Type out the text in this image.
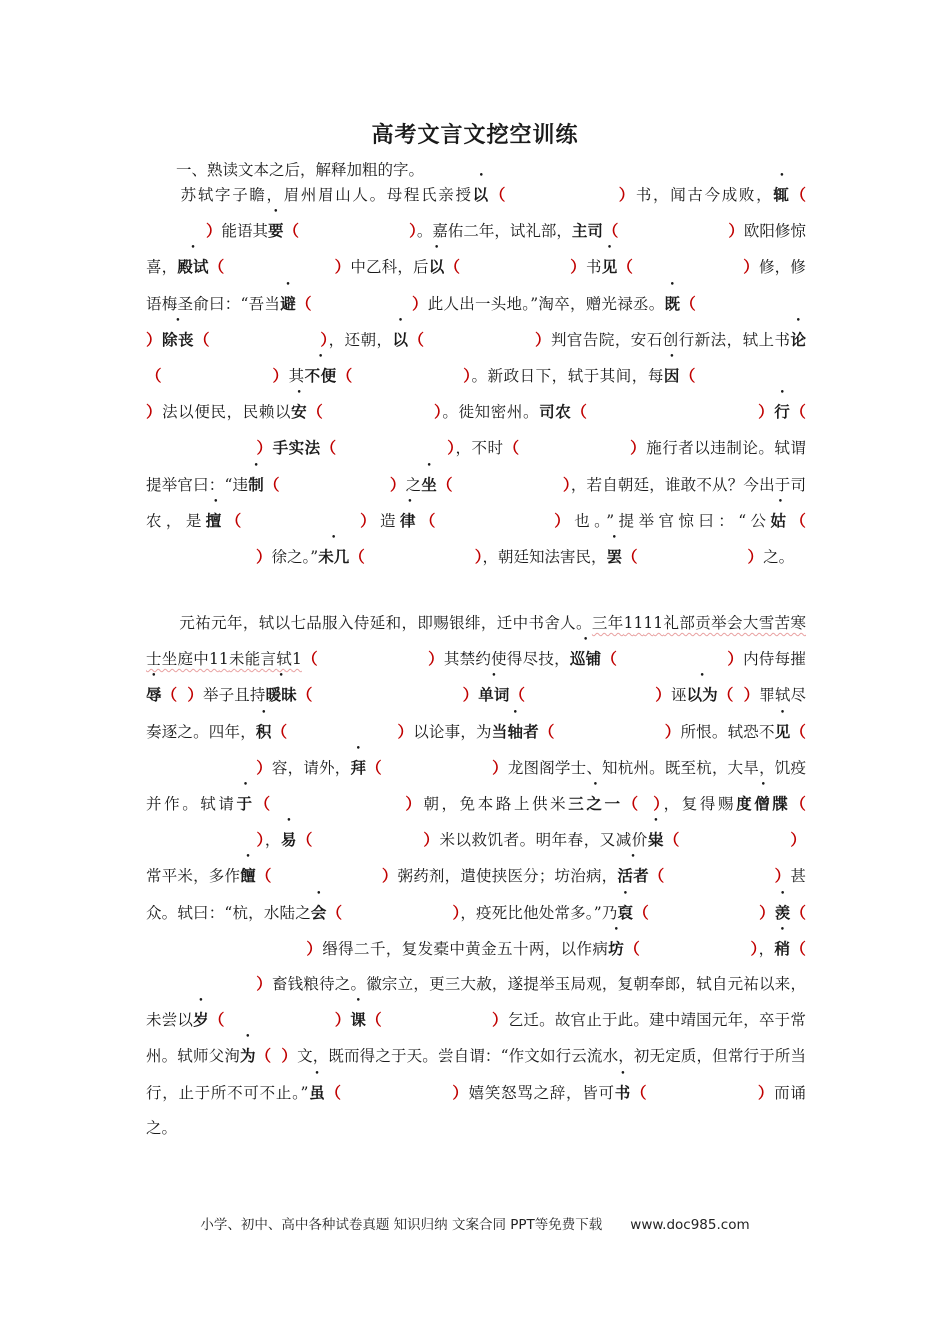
高考文言文挖空训练
一、熟读文本之后，解释加粗的字。
苏轼字子瞻，眉州眉山人。母程氏亲授以（	）书，闻古今成败，辄（）能语其要（	）。嘉佑二年，试礼部，主司（	）欧阳修惊喜，殿试（	）中乙科，后以（	）书见（	）修，修语梅圣俞曰：“吾当避（	）此人出一头地。”淘卒，赠光禄丞。既（）除丧（	），还朝，以（	）判官告院，安石创行新法，轼上书论（	）其不便（	）。新政日下，轼于其间，每因（）法以便民，民赖以安（	）。徙知密州。司农（	）行（）手实法（	），不时（	）施行者以违制论。轼谓提举官曰：“违制（	）之坐（	），若自朝廷，谁敢不从？今出于司农，是擅（	）造律（	）也。”提举官惊曰：“公姑（）徐之。”未几（	），朝廷知法害民，罢（	）之。
元祐元年，轼以七品服入侍延和，即赐银绯，迁中书舍人。三年1111礼部贡举会大雪苦寒士坐庭中11未能言轼1（	）其禁约使得尽技，巡铺（	）内侍每摧辱（ ）举子且持暖昧（	）单词（	）诬以为（ ）罪轼尽奏逐之。四年，积（	）以论事，为当轴者（	）所恨。轼恐不见（）容，请外，拜（	）龙图阁学士、知杭州。既至杭，大旱，饥疫并作。轼请于（	）朝，免本路上供米三之一（ ），复得赐度僧牒（），易（	）米以救饥者。明年春，又减价粜（	）常平米，多作饘（	）粥药剂，遣使挟医分；坊治病，活者（	）甚众。轼曰：“杭，水陆之会（	），疫死比他处常多。”乃裒（	）羡（）缗得二千，复发橐中黄金五十两，以作病坊（	），稍（）畜钱粮待之。徽宗立，更三大赦，遂提举玉局观，复朝奉郎，轼自元祐以来，未尝以岁（	）课（	）乞迁。故官止于此。建中靖国元年，卒于常州。轼师父洵为（ ）文，既而得之于天。尝自谓：“作文如行云流水，初无定质，但常行于所当行，止于所不可不止。”虽（	）嬉笑怒骂之辞，皆可书（	）而诵之。
小学、初中、高中各种试卷真题 知识归纳 文案合同 PPT等免费下载 www.doc985.com
